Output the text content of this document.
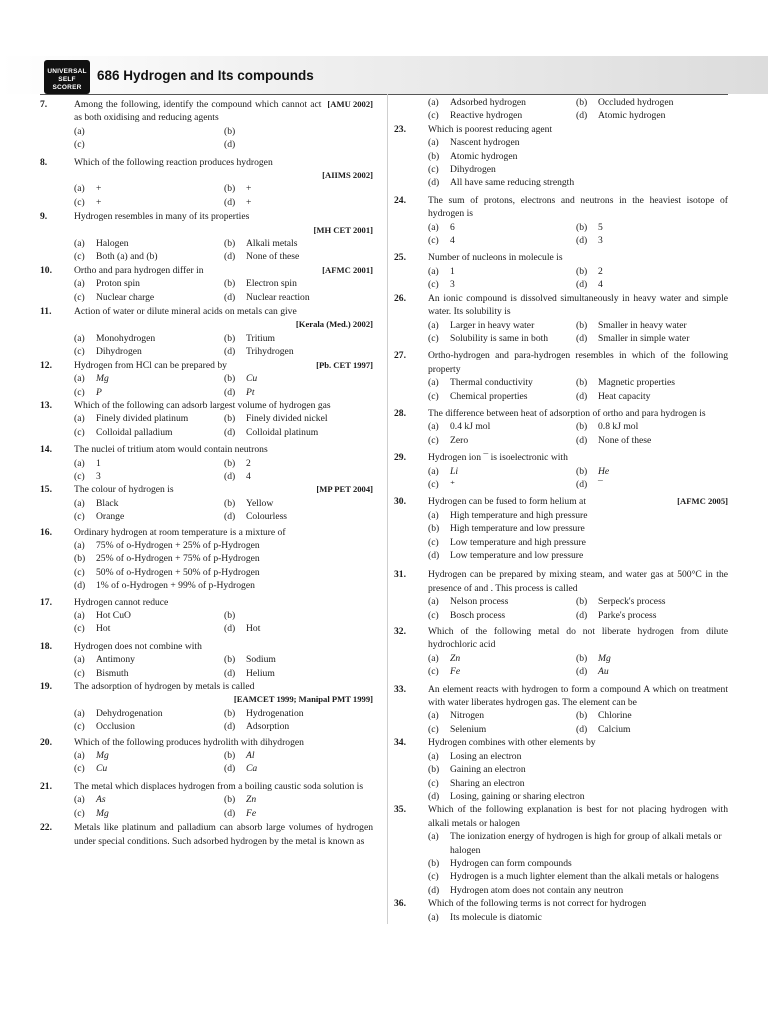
UNIVERSAL
SELF SCORER
686 Hydrogen and Its compounds
7.	[AMU 2002]
Among the following, identify the compound which cannot act as both oxidising and reducing agents
(a)	(b)
(c)	(d)
8.	Which of the following reaction produces hydrogen
[AIIMS 2002]
(a) +	(b) +
(c) +	(d) +
9.	Hydrogen resembles in many of its properties
[MH CET 2001]
(a) Halogen	(b) Alkali metals
(c) Both (a) and (b)	(d) None of these
10.	[AFMC 2001]
Ortho and para hydrogen differ in
(a) Proton spin	(b) Electron spin
(c) Nuclear charge	(d) Nuclear reaction
11. Action of water or dilute mineral acids on metals can give
[Kerala (Med.) 2002]
(a) Monohydrogen	(b) Tritium
(c) Dihydrogen	(d) Trihydrogen
12.	[Pb. CET 1997]
Hydrogen from HCl can be prepared by
(a) Mg	(b) Cu
(c) P	(d) Pt
13. Which of the following can adsorb largest volume of hydrogen gas
(a) Finely divided platinum	(b) Finely divided nickel
(c) Colloidal palladium	(d) Colloidal platinum
14. The nuclei of tritium atom would contain neutrons
(a) 1	(b) 2
(c) 3	(d) 4
15.	[MP PET 2004]
The colour of hydrogen is
(a) Black	(b) Yellow
(c) Orange	(d) Colourless
16. Ordinary hydrogen at room temperature is a mixture of
(a) 75% of o-Hydrogen + 25% of p-Hydrogen
(b) 25% of o-Hydrogen + 75% of p-Hydrogen
(c) 50% of o-Hydrogen + 50% of p-Hydrogen
(d) 1% of o-Hydrogen + 99% of p-Hydrogen
17. Hydrogen cannot reduce
(a) Hot CuO	(b)
(c) Hot	(d) Hot
18. Hydrogen does not combine with
(a) Antimony	(b) Sodium
(c) Bismuth	(d) Helium
19. The adsorption of hydrogen by metals is called
[EAMCET 1999; Manipal PMT 1999]
(a) Dehydrogenation	(b) Hydrogenation
(c) Occlusion	(d) Adsorption
20. Which of the following produces hydrolith with dihydrogen
(a) Mg	(b) Al
(c) Cu	(d) Ca
21. The metal which displaces hydrogen from a boiling caustic soda solution is
(a) As	(b) Zn
(c) Mg	(d) Fe
22. Metals like platinum and palladium can absorb large volumes of hydrogen under special conditions. Such adsorbed hydrogen by the metal is known as
(a) Adsorbed hydrogen	(b) Occluded hydrogen
(c) Reactive hydrogen	(d) Atomic hydrogen
23. Which is poorest reducing agent
(a) Nascent hydrogen
(b) Atomic hydrogen
(c) Dihydrogen
(d) All have same reducing strength
24. The sum of protons, electrons and neutrons in the heaviest isotope of hydrogen is
(a) 6	(b) 5
(c) 4	(d) 3
25. Number of nucleons in molecule is
(a) 1	(b) 2
(c) 3	(d) 4
26. An ionic compound is dissolved simultaneously in heavy water and simple water. Its solubility is
(a) Larger in heavy water	(b) Smaller in heavy water
(c) Solubility is same in both	(d) Smaller in simple water
27. Ortho-hydrogen and para-hydrogen resembles in which of the following property
(a) Thermal conductivity	(b) Magnetic properties
(c) Chemical properties	(d) Heat capacity
28. The difference between heat of adsorption of ortho and para hydrogen is
(a) 0.4 kJ mol	(b) 0.8 kJ mol
(c) Zero	(d) None of these
29. Hydrogen ion ¯ is isoelectronic with
(a) Li	(b) He
(c) ⁺	(d) ¯
30.	[AFMC 2005]
Hydrogen can be fused to form helium at
(a) High temperature and high pressure
(b) High temperature and low pressure
(c) Low temperature and high pressure
(d) Low temperature and low pressure
31. Hydrogen can be prepared by mixing steam, and water gas at 500°C in the presence of and . This process is called
(a) Nelson process	(b) Serpeck's process
(c) Bosch process	(d) Parke's process
32. Which of the following metal do not liberate hydrogen from dilute hydrochloric acid
(a) Zn	(b) Mg
(c) Fe	(d) Au
33. An element reacts with hydrogen to form a compound A which on treatment with water liberates hydrogen gas. The element can be
(a) Nitrogen	(b) Chlorine
(c) Selenium	(d) Calcium
34. Hydrogen combines with other elements by
(a) Losing an electron
(b) Gaining an electron
(c) Sharing an electron
(d) Losing, gaining or sharing electron
35. Which of the following explanation is best for not placing hydrogen with alkali metals or halogen
(a) The ionization energy of hydrogen is high for group of alkali metals or halogen
(b) Hydrogen can form compounds
(c) Hydrogen is a much lighter element than the alkali metals or halogens
(d) Hydrogen atom does not contain any neutron
36. Which of the following terms is not correct for hydrogen
(a) Its molecule is diatomic
